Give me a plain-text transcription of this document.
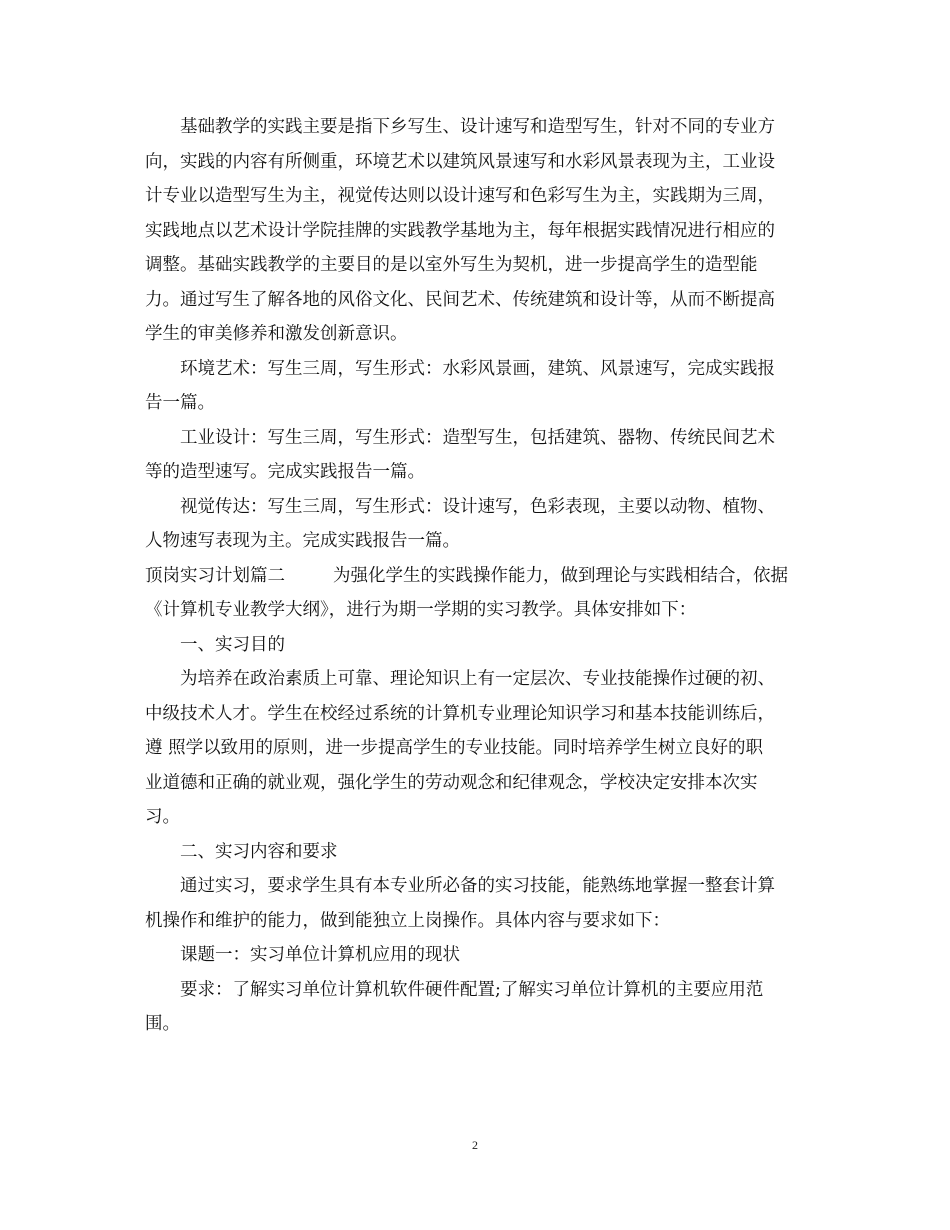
基础教学的实践主要是指下乡写生、设计速写和造型写生，针对不同的专业方
向，实践的内容有所侧重，环境艺术以建筑风景速写和水彩风景表现为主，工业设
计专业以造型写生为主，视觉传达则以设计速写和色彩写生为主，实践期为三周，
实践地点以艺术设计学院挂牌的实践教学基地为主，每年根据实践情况进行相应的
调整。基础实践教学的主要目的是以室外写生为契机，进一步提高学生的造型能
力。通过写生了解各地的风俗文化、民间艺术、传统建筑和设计等，从而不断提高
学生的审美修养和激发创新意识。
环境艺术：写生三周，写生形式：水彩风景画，建筑、风景速写，完成实践报
告一篇。
工业设计：写生三周，写生形式：造型写生，包括建筑、器物、传统民间艺术
等的造型速写。完成实践报告一篇。
视觉传达：写生三周，写生形式：设计速写，色彩表现，主要以动物、植物、
人物速写表现为主。完成实践报告一篇。
顶岗实习计划篇二	为强化学生的实践操作能力，做到理论与实践相结合，依据
《计算机专业教学大纲》，进行为期一学期的实习教学。具体安排如下：
一、实习目的
为培养在政治素质上可靠、理论知识上有一定层次、专业技能操作过硬的初、
中级技术人才。学生在校经过系统的计算机专业理论知识学习和基本技能训练后，
遵 照学以致用的原则，进一步提高学生的专业技能。同时培养学生树立良好的职
业道德和正确的就业观，强化学生的劳动观念和纪律观念，学校决定安排本次实
习。
二、实习内容和要求
通过实习，要求学生具有本专业所必备的实习技能，能熟练地掌握一整套计算
机操作和维护的能力，做到能独立上岗操作。具体内容与要求如下：
课题一：实习单位计算机应用的现状
要求：了解实习单位计算机软件硬件配置;了解实习单位计算机的主要应用范
围。
2
